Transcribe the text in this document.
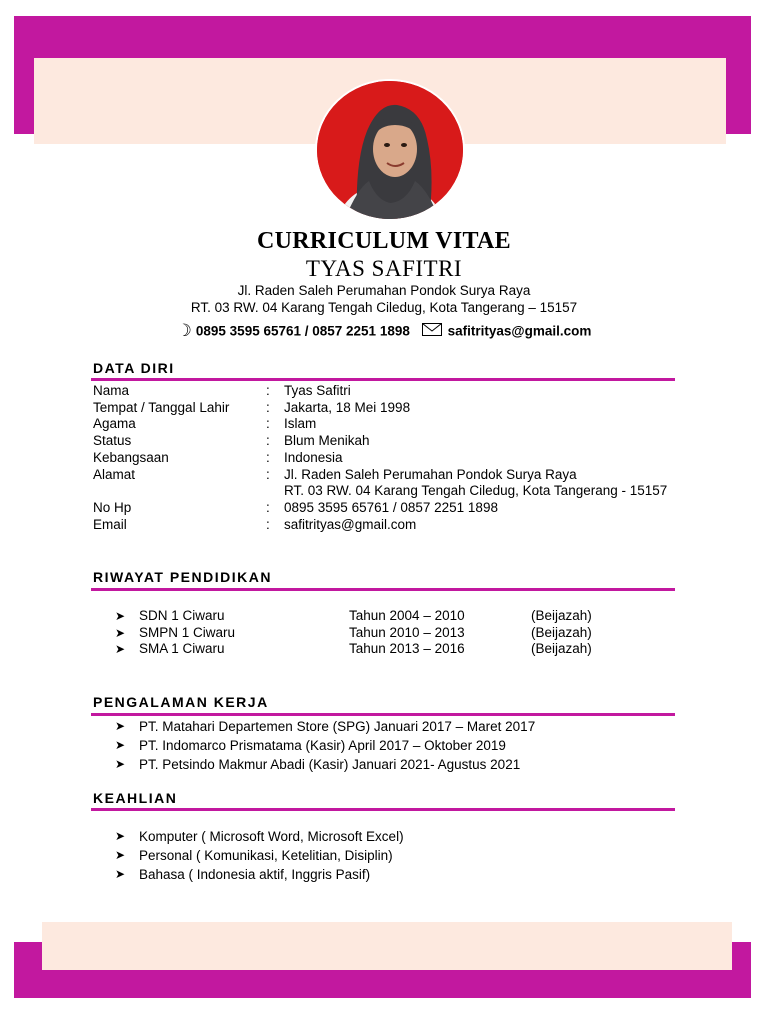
CURRICULUM VITAE
TYAS SAFITRI
Jl. Raden Saleh Perumahan Pondok Surya Raya
RT. 03 RW. 04 Karang Tengah Ciledug, Kota Tangerang – 15157
☽ 0895 3595 65761 / 0857 2251 1898	safitrityas@gmail.com
DATA DIRI
Nama	: Tyas Safitri
Tempat / Tanggal Lahir	: Jakarta, 18 Mei 1998
Agama	: Islam
Status	: Blum Menikah
Kebangsaan	: Indonesia
Alamat	: Jl. Raden Saleh Perumahan Pondok Surya Raya
RT. 03 RW. 04 Karang Tengah Ciledug, Kota Tangerang - 15157
No Hp	: 0895 3595 65761 / 0857 2251 1898
Email	: safitrityas@gmail.com
RIWAYAT PENDIDIKAN
➤ SDN 1 Ciwaru	Tahun 2004 – 2010	(Beijazah)
➤ SMPN 1 Ciwaru	Tahun 2010 – 2013	(Beijazah)
➤ SMA 1 Ciwaru	Tahun 2013 – 2016	(Beijazah)
PENGALAMAN KERJA
➤ PT. Matahari Departemen Store (SPG) Januari 2017 – Maret 2017
➤ PT. Indomarco Prismatama (Kasir) April 2017 – Oktober 2019
➤ PT. Petsindo Makmur Abadi (Kasir) Januari 2021- Agustus 2021
KEAHLIAN
➤ Komputer ( Microsoft Word, Microsoft Excel)
➤ Personal ( Komunikasi, Ketelitian, Disiplin)
➤ Bahasa ( Indonesia aktif, Inggris Pasif)
